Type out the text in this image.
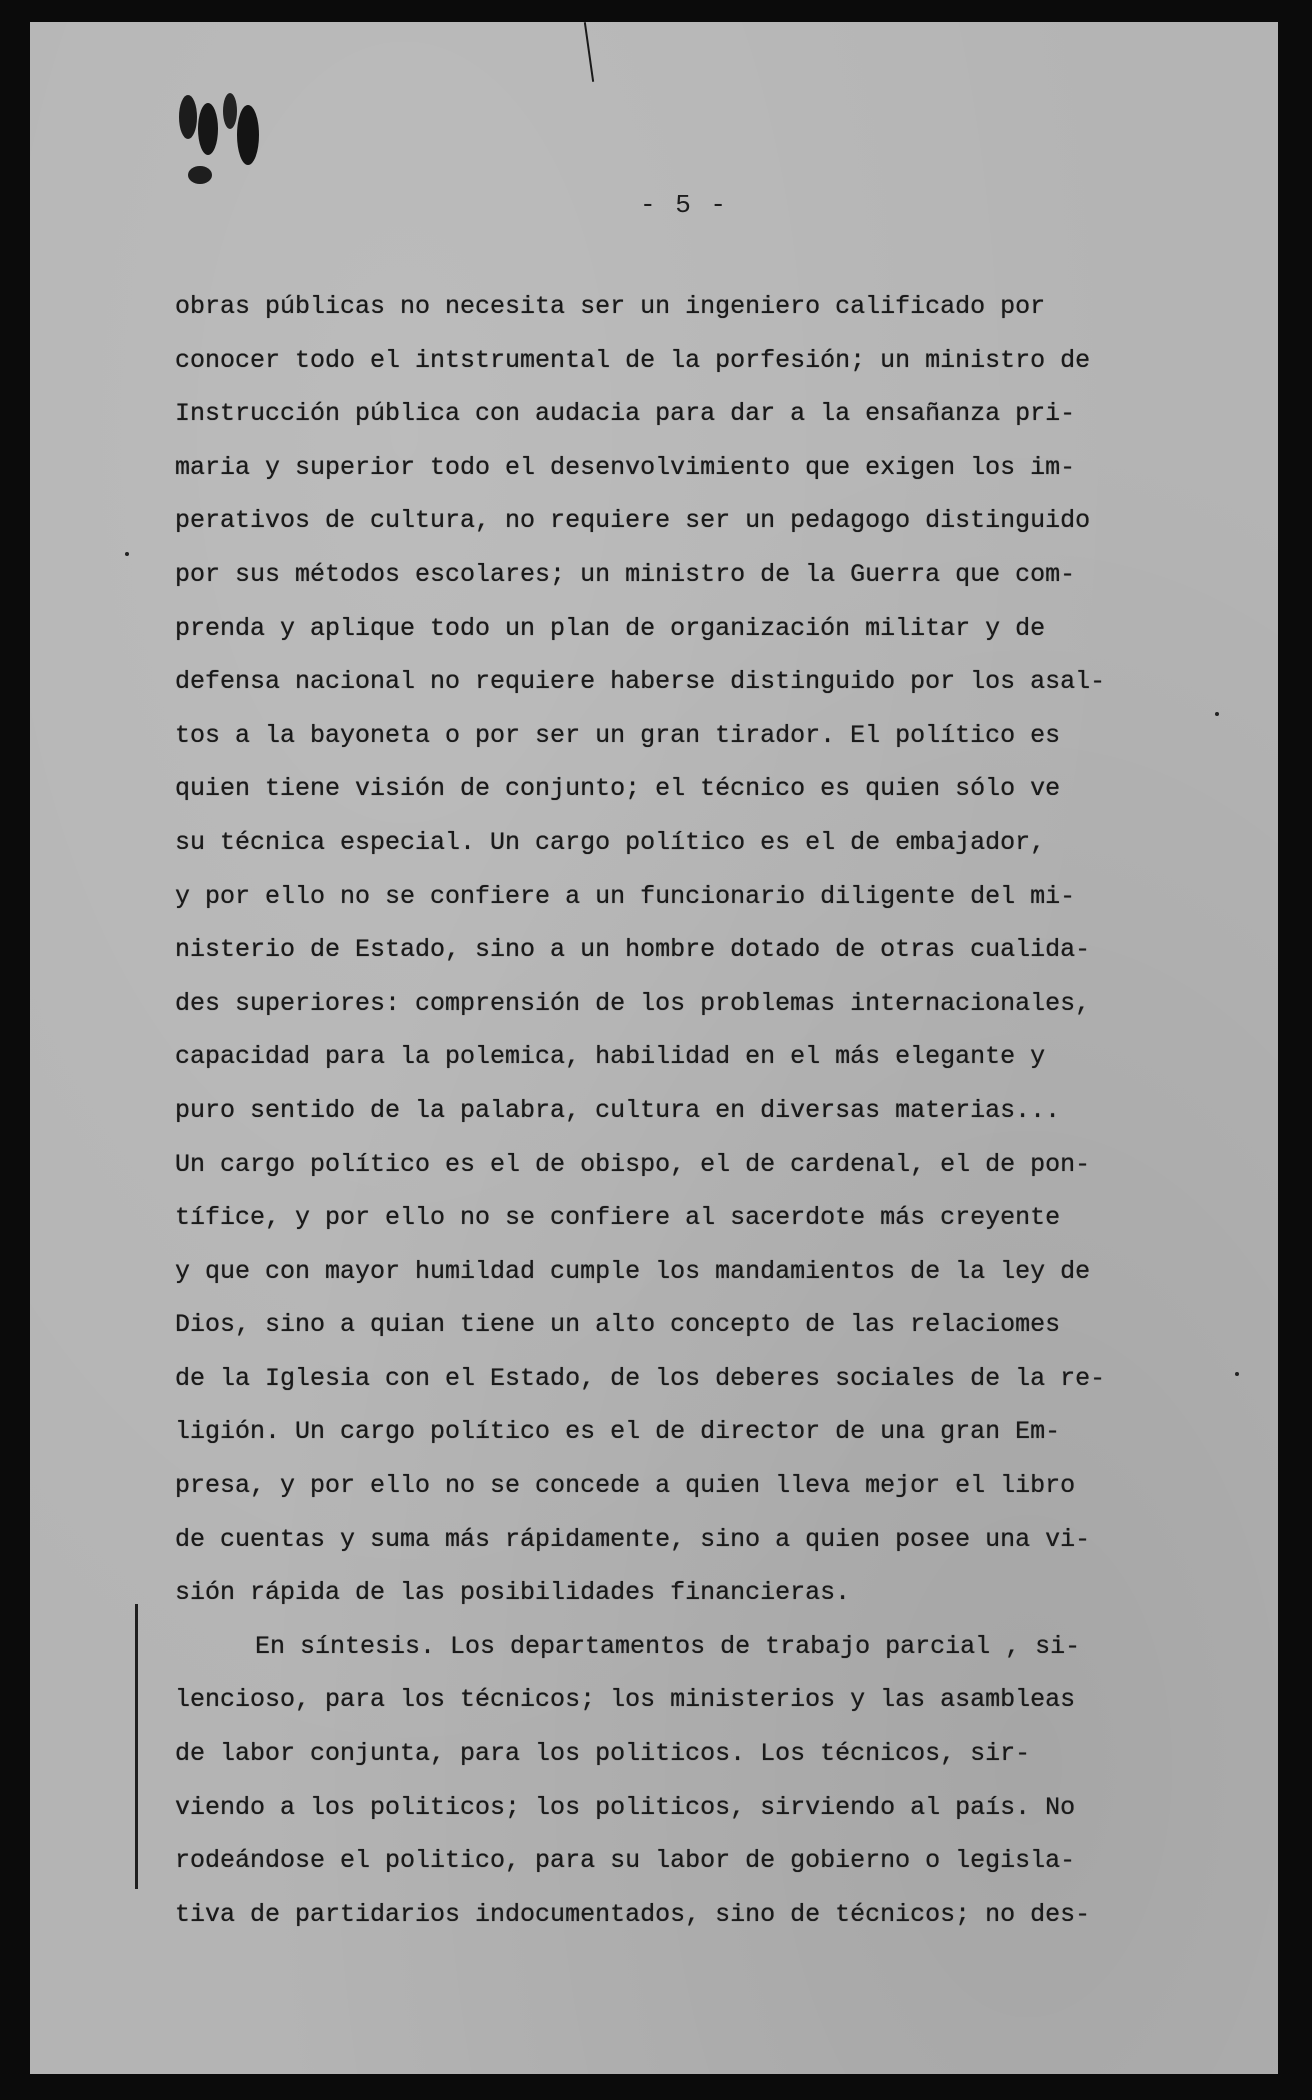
- 5 -
obras públicas no necesita ser un ingeniero calificado por
conocer todo el intstrumental de la porfesión; un ministro de
Instrucción pública con audacia para dar a la ensañanza pri-
maria y superior todo el desenvolvimiento que exigen los im-
perativos de cultura, no requiere ser un pedagogo distinguido
por sus métodos escolares; un ministro de la Guerra que com-
prenda y aplique todo un plan de organización militar y de
defensa nacional no requiere haberse distinguido por los asal-
tos a la bayoneta o por ser un gran tirador. El político es
quien tiene visión de conjunto; el técnico es quien sólo ve
su técnica especial. Un cargo político es el de embajador,
y por ello no se confiere a un funcionario diligente del mi-
nisterio de Estado, sino a un hombre dotado de otras cualida-
des superiores: comprensión de los problemas internacionales,
capacidad para la polemica, habilidad en el más elegante y
puro sentido de la palabra, cultura en diversas materias...
Un cargo político es el de obispo, el de cardenal, el de pon-
tífice, y por ello no se confiere al sacerdote más creyente
y que con mayor humildad cumple los mandamientos de la ley de
Dios, sino a quian tiene un alto concepto de las relaciomes
de la Iglesia con el Estado, de los deberes sociales de la re-
ligión. Un cargo político es el de director de una gran Em-
presa, y por ello no se concede a quien lleva mejor el libro
de cuentas y suma más rápidamente, sino a quien posee una vi-
sión rápida de las posibilidades financieras.
En síntesis. Los departamentos de trabajo parcial , si-
lencioso, para los técnicos; los ministerios y las asambleas
de labor conjunta, para los politicos. Los técnicos, sir-
viendo a los politicos; los politicos, sirviendo al país. No
rodeándose el politico, para su labor de gobierno o legisla-
tiva de partidarios indocumentados, sino de técnicos; no des-
